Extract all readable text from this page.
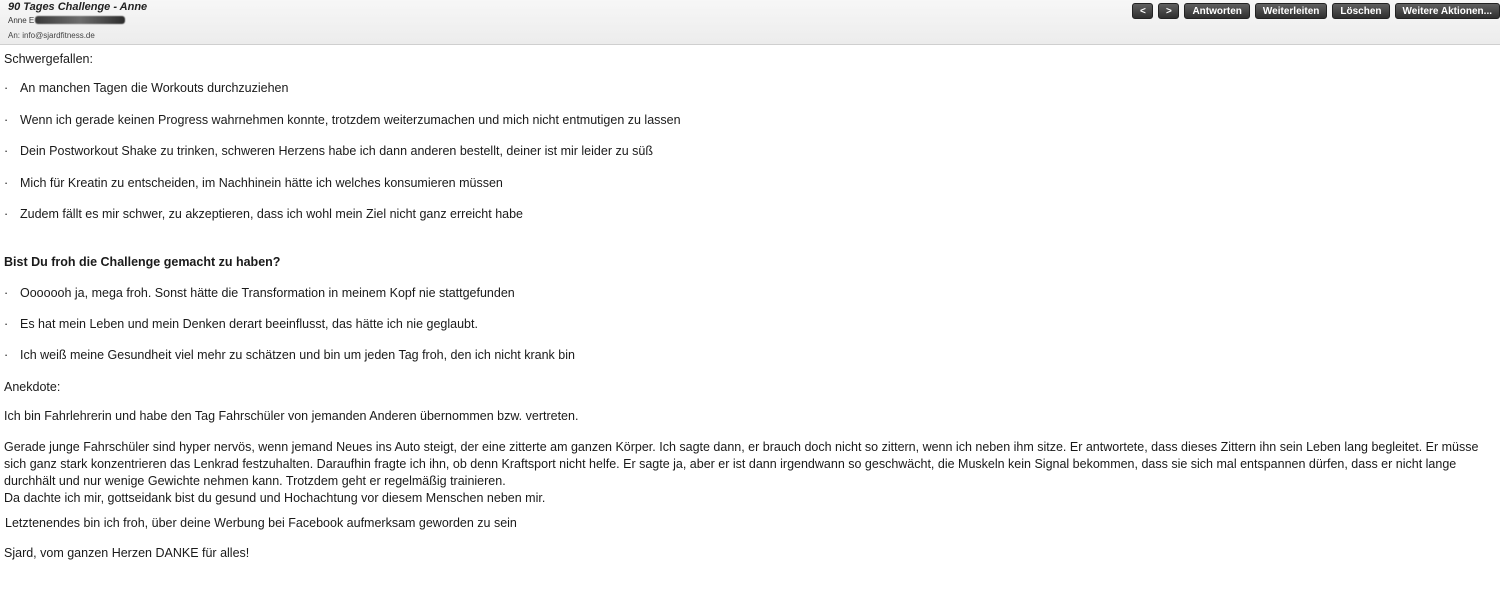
90 Tages Challenge - Anne
Anne E
An: info@sjardfitness.de
<	>	Antworten	Weiterleiten	Löschen	Weitere Aktionen...
Schwergefallen:
· An manchen Tagen die Workouts durchzuziehen
· Wenn ich gerade keinen Progress wahrnehmen konnte, trotzdem weiterzumachen und mich nicht entmutigen zu lassen
· Dein Postworkout Shake zu trinken, schweren Herzens habe ich dann anderen bestellt, deiner ist mir leider zu süß
· Mich für Kreatin zu entscheiden, im Nachhinein hätte ich welches konsumieren müssen
· Zudem fällt es mir schwer, zu akzeptieren, dass ich wohl mein Ziel nicht ganz erreicht habe
Bist Du froh die Challenge gemacht zu haben?
· Ooooooh ja, mega froh. Sonst hätte die Transformation in meinem Kopf nie stattgefunden
· Es hat mein Leben und mein Denken derart beeinflusst, das hätte ich nie geglaubt.
· Ich weiß meine Gesundheit viel mehr zu schätzen und bin um jeden Tag froh, den ich nicht krank bin
Anekdote:
Ich bin Fahrlehrerin und habe den Tag Fahrschüler von jemanden Anderen übernommen bzw. vertreten.
Gerade junge Fahrschüler sind hyper nervös, wenn jemand Neues ins Auto steigt, der eine zitterte am ganzen Körper. Ich sagte dann, er brauch doch nicht so zittern, wenn ich neben ihm sitze. Er antwortete, dass dieses Zittern ihn sein Leben lang begleitet. Er müsse sich ganz stark konzentrieren das Lenkrad festzuhalten. Daraufhin fragte ich ihn, ob denn Kraftsport nicht helfe. Er sagte ja, aber er ist dann irgendwann so geschwächt, die Muskeln kein Signal bekommen, dass sie sich mal entspannen dürfen, dass er nicht lange durchhält und nur wenige Gewichte nehmen kann. Trotzdem geht er regelmäßig trainieren.
Da dachte ich mir, gottseidank bist du gesund und Hochachtung vor diesem Menschen neben mir.
Letztenendes bin ich froh, über deine Werbung bei Facebook aufmerksam geworden zu sein
Sjard, vom ganzen Herzen DANKE für alles!
